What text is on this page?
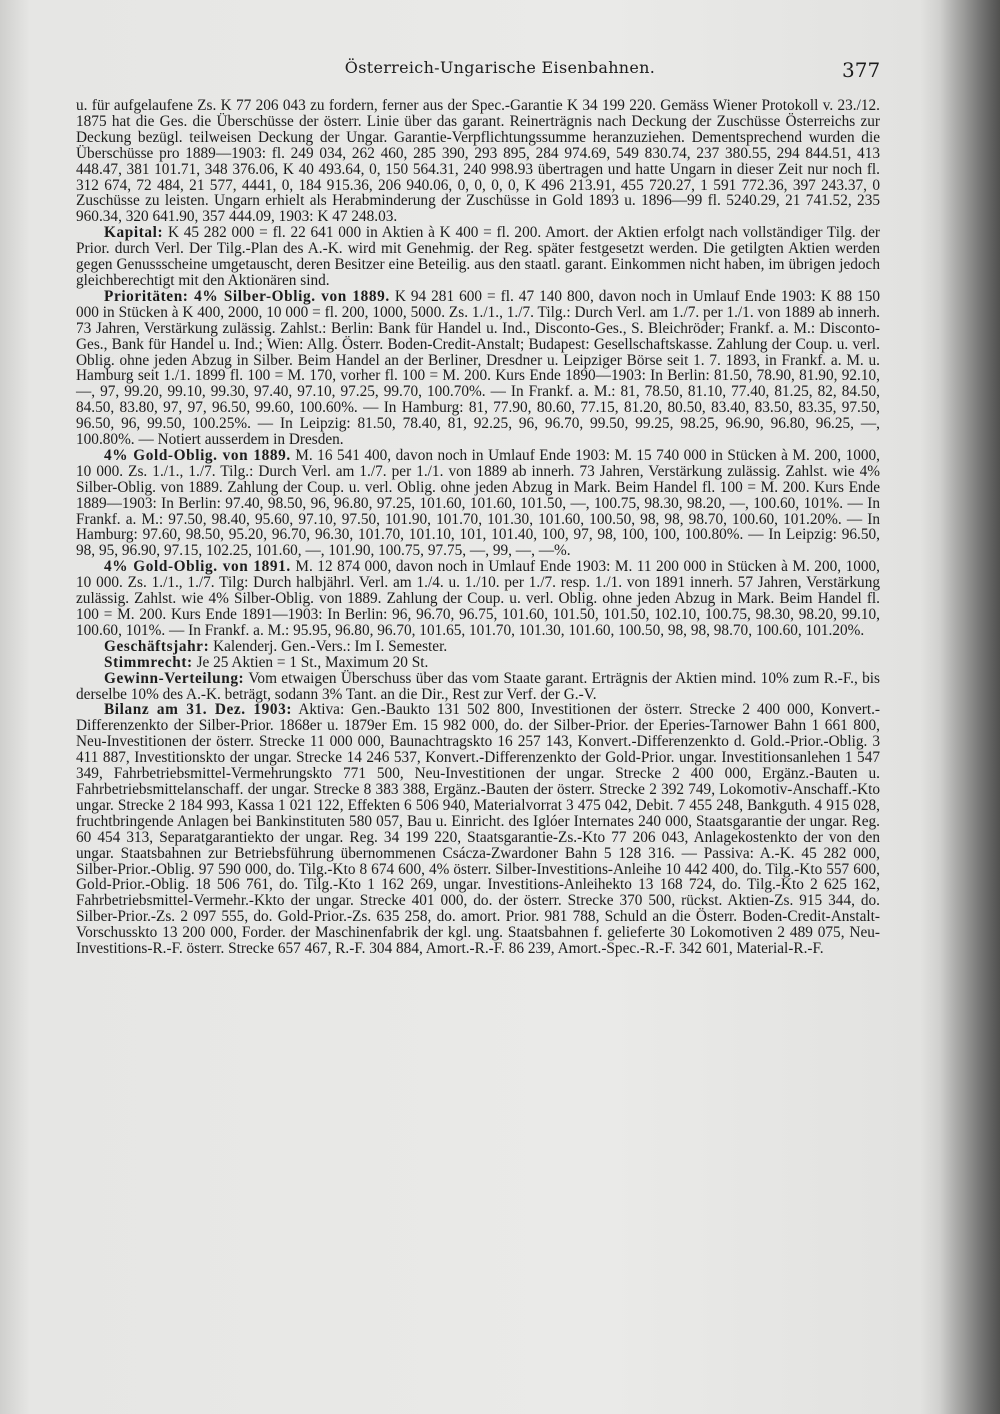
Österreich-Ungarische Eisenbahnen.	377

u. für aufgelaufene Zs. K 77 206 043 zu fordern, ferner aus der Spec.-Garantie K 34 199 220. Gemäss Wiener Protokoll v. 23./12. 1875 hat die Ges. die Überschüsse der österr. Linie über das garant. Reinerträgnis nach Deckung der Zuschüsse Österreichs zur Deckung bezügl. teilweisen Deckung der Ungar. Garantie-Verpflichtungssumme heranzuziehen. Dementsprechend wurden die Überschüsse pro 1889—1903: fl. 249 034, 262 460, 285 390, 293 895, 284 974.69, 549 830.74, 237 380.55, 294 844.51, 413 448.47, 381 101.71, 348 376.06, K 40 493.64, 0, 150 564.31, 240 998.93 übertragen und hatte Ungarn in dieser Zeit nur noch fl. 312 674, 72 484, 21 577, 4441, 0, 184 915.36, 206 940.06, 0, 0, 0, 0, K 496 213.91, 455 720.27, 1 591 772.36, 397 243.37, 0 Zuschüsse zu leisten. Ungarn erhielt als Herabminderung der Zuschüsse in Gold 1893 u. 1896—99 fl. 5240.29, 21 741.52, 235 960.34, 320 641.90, 357 444.09, 1903: K 47 248.03.

Kapital: K 45 282 000 = fl. 22 641 000 in Aktien à K 400 = fl. 200. Amort. der Aktien erfolgt nach vollständiger Tilg. der Prior. durch Verl. Der Tilg.-Plan des A.-K. wird mit Genehmig. der Reg. später festgesetzt werden. Die getilgten Aktien werden gegen Genussscheine umgetauscht, deren Besitzer eine Beteilig. aus den staatl. garant. Einkommen nicht haben, im übrigen jedoch gleichberechtigt mit den Aktionären sind.

Prioritäten: 4% Silber-Oblig. von 1889. K 94 281 600 = fl. 47 140 800, davon noch in Umlauf Ende 1903: K 88 150 000 in Stücken à K 400, 2000, 10 000 = fl. 200, 1000, 5000. Zs. 1./1., 1./7. Tilg.: Durch Verl. am 1./7. per 1./1. von 1889 ab innerh. 73 Jahren, Verstärkung zulässig. Zahlst.: Berlin: Bank für Handel u. Ind., Disconto-Ges., S. Bleichröder; Frankf. a. M.: Disconto-Ges., Bank für Handel u. Ind.; Wien: Allg. Österr. Boden-Credit-Anstalt; Budapest: Gesellschaftskasse. Zahlung der Coup. u. verl. Oblig. ohne jeden Abzug in Silber. Beim Handel an der Berliner, Dresdner u. Leipziger Börse seit 1. 7. 1893, in Frankf. a. M. u. Hamburg seit 1./1. 1899 fl. 100 = M. 170, vorher fl. 100 = M. 200. Kurs Ende 1890—1903: In Berlin: 81.50, 78.90, 81.90, 92.10, —, 97, 99.20, 99.10, 99.30, 97.40, 97.10, 97.25, 99.70, 100.70%. — In Frankf. a. M.: 81, 78.50, 81.10, 77.40, 81.25, 82, 84.50, 84.50, 83.80, 97, 97, 96.50, 99.60, 100.60%. — In Hamburg: 81, 77.90, 80.60, 77.15, 81.20, 80.50, 83.40, 83.50, 83.35, 97.50, 96.50, 96, 99.50, 100.25%. — In Leipzig: 81.50, 78.40, 81, 92.25, 96, 96.70, 99.50, 99.25, 98.25, 96.90, 96.80, 96.25, —, 100.80%. — Notiert ausserdem in Dresden.

4% Gold-Oblig. von 1889. M. 16 541 400, davon noch in Umlauf Ende 1903: M. 15 740 000 in Stücken à M. 200, 1000, 10 000. Zs. 1./1., 1./7. Tilg.: Durch Verl. am 1./7. per 1./1. von 1889 ab innerh. 73 Jahren, Verstärkung zulässig. Zahlst. wie 4% Silber-Oblig. von 1889. Zahlung der Coup. u. verl. Oblig. ohne jeden Abzug in Mark. Beim Handel fl. 100 = M. 200. Kurs Ende 1889—1903: In Berlin: 97.40, 98.50, 96, 96.80, 97.25, 101.60, 101.60, 101.50, —, 100.75, 98.30, 98.20, —, 100.60, 101%. — In Frankf. a. M.: 97.50, 98.40, 95.60, 97.10, 97.50, 101.90, 101.70, 101.30, 101.60, 100.50, 98, 98, 98.70, 100.60, 101.20%. — In Hamburg: 97.60, 98.50, 95.20, 96.70, 96.30, 101.70, 101.10, 101, 101.40, 100, 97, 98, 100, 100, 100.80%. — In Leipzig: 96.50, 98, 95, 96.90, 97.15, 102.25, 101.60, —, 101.90, 100.75, 97.75, —, 99, —, —%.

4% Gold-Oblig. von 1891. M. 12 874 000, davon noch in Umlauf Ende 1903: M. 11 200 000 in Stücken à M. 200, 1000, 10 000. Zs. 1./1., 1./7. Tilg: Durch halbjährl. Verl. am 1./4. u. 1./10. per 1./7. resp. 1./1. von 1891 innerh. 57 Jahren, Verstärkung zulässig. Zahlst. wie 4% Silber-Oblig. von 1889. Zahlung der Coup. u. verl. Oblig. ohne jeden Abzug in Mark. Beim Handel fl. 100 = M. 200. Kurs Ende 1891—1903: In Berlin: 96, 96.70, 96.75, 101.60, 101.50, 101.50, 102.10, 100.75, 98.30, 98.20, 99.10, 100.60, 101%. — In Frankf. a. M.: 95.95, 96.80, 96.70, 101.65, 101.70, 101.30, 101.60, 100.50, 98, 98, 98.70, 100.60, 101.20%.

Geschäftsjahr: Kalenderj. Gen.-Vers.: Im I. Semester.

Stimmrecht: Je 25 Aktien = 1 St., Maximum 20 St.

Gewinn-Verteilung: Vom etwaigen Überschuss über das vom Staate garant. Erträgnis der Aktien mind. 10% zum R.-F., bis derselbe 10% des A.-K. beträgt, sodann 3% Tant. an die Dir., Rest zur Verf. der G.-V.

Bilanz am 31. Dez. 1903: Aktiva: Gen.-Baukto 131 502 800, Investitionen der österr. Strecke 2 400 000, Konvert.-Differenzenkto der Silber-Prior. 1868er u. 1879er Em. 15 982 000, do. der Silber-Prior. der Eperies-Tarnower Bahn 1 661 800, Neu-Investitionen der österr. Strecke 11 000 000, Baunachtragskto 16 257 143, Konvert.-Differenzenkto d. Gold.-Prior.-Oblig. 3 411 887, Investitionskto der ungar. Strecke 14 246 537, Konvert.-Differenzenkto der Gold-Prior. ungar. Investitionsanlehen 1 547 349, Fahrbetriebsmittel-Vermehrungskto 771 500, Neu-Investitionen der ungar. Strecke 2 400 000, Ergänz.-Bauten u. Fahrbetriebsmittelanschaff. der ungar. Strecke 8 383 388, Ergänz.-Bauten der österr. Strecke 2 392 749, Lokomotiv-Anschaff.-Kto ungar. Strecke 2 184 993, Kassa 1 021 122, Effekten 6 506 940, Materialvorrat 3 475 042, Debit. 7 455 248, Bankguth. 4 915 028, fruchtbringende Anlagen bei Bankinstituten 580 057, Bau u. Einricht. des Iglóer Internates 240 000, Staatsgarantie der ungar. Reg. 60 454 313, Separatgarantiekto der ungar. Reg. 34 199 220, Staatsgarantie-Zs.-Kto 77 206 043, Anlagekostenkto der von den ungar. Staatsbahnen zur Betriebsführung übernommenen Csácza-Zwardoner Bahn 5 128 316. — Passiva: A.-K. 45 282 000, Silber-Prior.-Oblig. 97 590 000, do. Tilg.-Kto 8 674 600, 4% österr. Silber-Investitions-Anleihe 10 442 400, do. Tilg.-Kto 557 600, Gold-Prior.-Oblig. 18 506 761, do. Tilg.-Kto 1 162 269, ungar. Investitions-Anleihekto 13 168 724, do. Tilg.-Kto 2 625 162, Fahrbetriebsmittel-Vermehr.-Kkto der ungar. Strecke 401 000, do. der österr. Strecke 370 500, rückst. Aktien-Zs. 915 344, do. Silber-Prior.-Zs. 2 097 555, do. Gold-Prior.-Zs. 635 258, do. amort. Prior. 981 788, Schuld an die Österr. Boden-Credit-Anstalt-Vorschusskto 13 200 000, Forder. der Maschinenfabrik der kgl. ung. Staatsbahnen f. gelieferte 30 Lokomotiven 2 489 075, Neu-Investitions-R.-F. österr. Strecke 657 467, R.-F. 304 884, Amort.-R.-F. 86 239, Amort.-Spec.-R.-F. 342 601, Material-R.-F.
